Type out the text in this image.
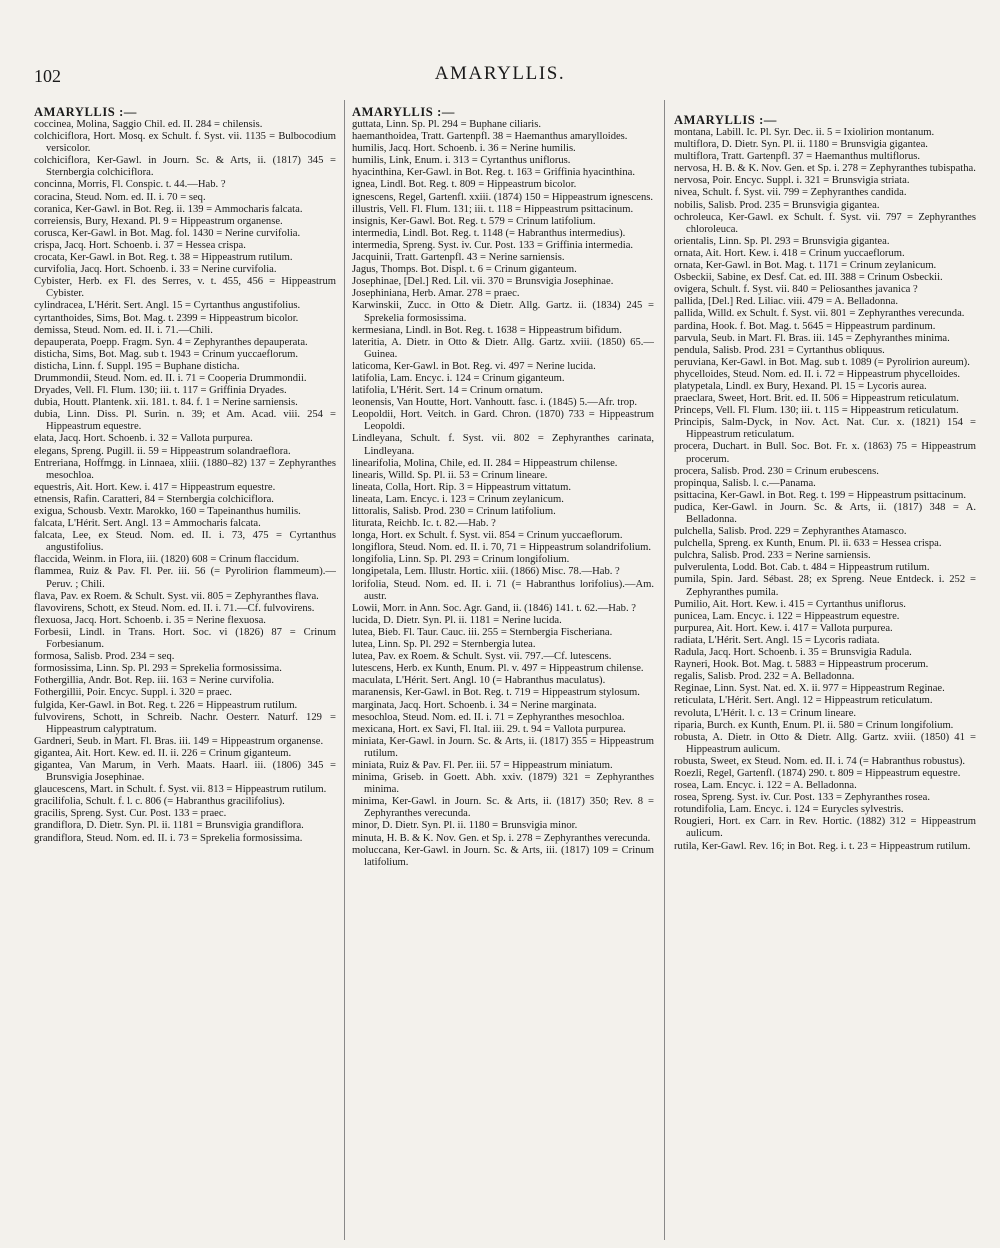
102	AMARYLLIS.
AMARYLLIS :—

coccinea, Molina, Saggio Chil. ed. II. 284 = chilensis.

colchiciflora, Hort. Mosq. ex Schult. f. Syst. vii. 1135 = Bulbocodium versicolor.

colchiciflora, Ker-Gawl. in Journ. Sc. & Arts, ii. (1817) 345 = Sternbergia colchiciflora.

concinna, Morris, Fl. Conspic. t. 44.—Hab. ?

coracina, Steud. Nom. ed. II. i. 70 = seq.

coranica, Ker-Gawl. in Bot. Reg. ii. 139 = Ammocharis falcata.

correiensis, Bury, Hexand. Pl. 9 = Hippeastrum organense.

corusca, Ker-Gawl. in Bot. Mag. fol. 1430 = Nerine curvifolia.

crispa, Jacq. Hort. Schoenb. i. 37 = Hessea crispa.

crocata, Ker-Gawl. in Bot. Reg. t. 38 = Hippeastrum rutilum.

curvifolia, Jacq. Hort. Schoenb. i. 33 = Nerine curvifolia.

Cybister, Herb. ex Fl. des Serres, v. t. 455, 456 = Hippeastrum Cybister.

cylindracea, L'Hérit. Sert. Angl. 15 = Cyrtanthus angustifolius.

cyrtanthoides, Sims, Bot. Mag. t. 2399 = Hippeastrum bicolor.

demissa, Steud. Nom. ed. II. i. 71.—Chili.

depauperata, Poepp. Fragm. Syn. 4 = Zephyranthes depauperata.

disticha, Sims, Bot. Mag. sub t. 1943 = Crinum yuccaeflorum.

disticha, Linn. f. Suppl. 195 = Buphane disticha.

Drummondii, Steud. Nom. ed. II. i. 71 = Cooperia Drummondii.

Dryades, Vell. Fl. Flum. 130; iii. t. 117 = Griffinia Dryades.

dubia, Houtt. Plantenk. xii. 181. t. 84. f. 1 = Nerine sarniensis.

dubia, Linn. Diss. Pl. Surin. n. 39; et Am. Acad. viii. 254 = Hippeastrum equestre.

elata, Jacq. Hort. Schoenb. i. 32 = Vallota purpurea.

elegans, Spreng. Pugill. ii. 59 = Hippeastrum solandraeflora.

Entreriana, Hoffmgg. in Linnaea, xliii. (1880–82) 137 = Zephyranthes mesochloa.

equestris, Ait. Hort. Kew. i. 417 = Hippeastrum equestre.

etnensis, Rafin. Caratteri, 84 = Sternbergia colchiciflora.

exigua, Schousb. Vextr. Marokko, 160 = Tapeinanthus humilis.

falcata, L'Hérit. Sert. Angl. 13 = Ammocharis falcata.

falcata, Lee, ex Steud. Nom. ed. II. i. 73, 475 = Cyrtanthus angustifolius.

flaccida, Weinm. in Flora, iii. (1820) 608 = Crinum flaccidum.

flammea, Ruiz & Pav. Fl. Per. iii. 56 (= Pyrolirion flammeum).—Peruv. ; Chili.

flava, Pav. ex Roem. & Schult. Syst. vii. 805 = Zephyranthes flava.

flavovirens, Schott, ex Steud. Nom. ed. II. i. 71.—Cf. fulvovirens.

flexuosa, Jacq. Hort. Schoenb. i. 35 = Nerine flexuosa.

Forbesii, Lindl. in Trans. Hort. Soc. vi (1826) 87 = Crinum Forbesianum.

formosa, Salisb. Prod. 234 = seq.

formosissima, Linn. Sp. Pl. 293 = Sprekelia formosissima.

Fothergillia, Andr. Bot. Rep. iii. 163 = Nerine curvifolia.

Fothergillii, Poir. Encyc. Suppl. i. 320 = praec.

fulgida, Ker-Gawl. in Bot. Reg. t. 226 = Hippeastrum rutilum.

fulvovirens, Schott, in Schreib. Nachr. Oesterr. Naturf. 129 = Hippeastrum calyptratum.

Gardneri, Seub. in Mart. Fl. Bras. iii. 149 = Hippeastrum organense.

gigantea, Ait. Hort. Kew. ed. II. ii. 226 = Crinum giganteum.

gigantea, Van Marum, in Verh. Maats. Haarl. iii. (1806) 345 = Brunsvigia Josephinae.

glaucescens, Mart. in Schult. f. Syst. vii. 813 = Hippeastrum rutilum.

gracilifolia, Schult. f. l. c. 806 (= Habranthus gracilifolius).

gracilis, Spreng. Syst. Cur. Post. 133 = praec.

grandiflora, D. Dietr. Syn. Pl. ii. 1181 = Brunsvigia grandiflora.

grandiflora, Steud. Nom. ed. II. i. 73 = Sprekelia formosissima.

AMARYLLIS :—

guttata, Linn. Sp. Pl. 294 = Buphane ciliaris.

haemanthoidea, Tratt. Gartenpfl. 38 = Haemanthus amarylloides.

humilis, Jacq. Hort. Schoenb. i. 36 = Nerine humilis.

humilis, Link, Enum. i. 313 = Cyrtanthus uniflorus.

hyacinthina, Ker-Gawl. in Bot. Reg. t. 163 = Griffinia hyacinthina.

ignea, Lindl. Bot. Reg. t. 809 = Hippeastrum bicolor.

ignescens, Regel, Gartenfl. xxiii. (1874) 150 = Hippeastrum ignescens.

illustris, Vell. Fl. Flum. 131; iii. t. 118 = Hippeastrum psittacinum.

insignis, Ker-Gawl. Bot. Reg. t. 579 = Crinum latifolium.

intermedia, Lindl. Bot. Reg. t. 1148 (= Habranthus intermedius).

intermedia, Spreng. Syst. iv. Cur. Post. 133 = Griffinia intermedia.

Jacquinii, Tratt. Gartenpfl. 43 = Nerine sarniensis.

Jagus, Thomps. Bot. Displ. t. 6 = Crinum giganteum.

Josephinae, [Del.] Red. Lil. vii. 370 = Brunsvigia Josephinae.

Josephiniana, Herb. Amar. 278 = praec.

Karwinskii, Zucc. in Otto & Dietr. Allg. Gartz. ii. (1834) 245 = Sprekelia formosissima.

kermesiana, Lindl. in Bot. Reg. t. 1638 = Hippeastrum bifidum.

lateritia, A. Dietr. in Otto & Dietr. Allg. Gartz. xviii. (1850) 65.—Guinea.

laticoma, Ker-Gawl. in Bot. Reg. vi. 497 = Nerine lucida.

latifolia, Lam. Encyc. i. 124 = Crinum giganteum.

latifolia, L'Hérit. Sert. 14 = Crinum ornatum.

leonensis, Van Houtte, Hort. Vanhoutt. fasc. i. (1845) 5.—Afr. trop.

Leopoldii, Hort. Veitch. in Gard. Chron. (1870) 733 = Hippeastrum Leopoldi.

Lindleyana, Schult. f. Syst. vii. 802 = Zephyranthes carinata, Lindleyana.

linearifolia, Molina, Chile, ed. II. 284 = Hippeastrum chilense.

linearis, Willd. Sp. Pl. ii. 53 = Crinum lineare.

lineata, Colla, Hort. Rip. 3 = Hippeastrum vittatum.

lineata, Lam. Encyc. i. 123 = Crinum zeylanicum.

littoralis, Salisb. Prod. 230 = Crinum latifolium.

liturata, Reichb. Ic. t. 82.—Hab. ?

longa, Hort. ex Schult. f. Syst. vii. 854 = Crinum yuccaeflorum.

longiflora, Steud. Nom. ed. II. i. 70, 71 = Hippeastrum solandrifolium.

longifolia, Linn. Sp. Pl. 293 = Crinum longifolium.

longipetala, Lem. Illustr. Hortic. xiii. (1866) Misc. 78.—Hab. ?

lorifolia, Steud. Nom. ed. II. i. 71 (= Habranthus lorifolius).—Am. austr.

Lowii, Morr. in Ann. Soc. Agr. Gand, ii. (1846) 141. t. 62.—Hab. ?

lucida, D. Dietr. Syn. Pl. ii. 1181 = Nerine lucida.

lutea, Bieb. Fl. Taur. Cauc. iii. 255 = Sternbergia Fischeriana.

lutea, Linn. Sp. Pl. 292 = Sternbergia lutea.

lutea, Pav. ex Roem. & Schult. Syst. vii. 797.—Cf. lutescens.

lutescens, Herb. ex Kunth, Enum. Pl. v. 497 = Hippeastrum chilense.

maculata, L'Hérit. Sert. Angl. 10 (= Habranthus maculatus).

maranensis, Ker-Gawl. in Bot. Reg. t. 719 = Hippeastrum stylosum.

marginata, Jacq. Hort. Schoenb. i. 34 = Nerine marginata.

mesochloa, Steud. Nom. ed. II. i. 71 = Zephyranthes mesochloa.

mexicana, Hort. ex Savi, Fl. Ital. iii. 29. t. 94 = Vallota purpurea.

miniata, Ker-Gawl. in Journ. Sc. & Arts, ii. (1817) 355 = Hippeastrum rutilum.

miniata, Ruiz & Pav. Fl. Per. iii. 57 = Hippeastrum miniatum.

minima, Griseb. in Goett. Abh. xxiv. (1879) 321 = Zephyranthes minima.

minima, Ker-Gawl. in Journ. Sc. & Arts, ii. (1817) 350; Rev. 8 = Zephyranthes verecunda.

minor, D. Dietr. Syn. Pl. ii. 1180 = Brunsvigia minor.

minuta, H. B. & K. Nov. Gen. et Sp. i. 278 = Zephyranthes verecunda.

moluccana, Ker-Gawl. in Journ. Sc. & Arts, iii. (1817) 109 = Crinum latifolium.

AMARYLLIS :—

montana, Labill. Ic. Pl. Syr. Dec. ii. 5 = Ixiolirion montanum.

multiflora, D. Dietr. Syn. Pl. ii. 1180 = Brunsvigia gigantea.

multiflora, Tratt. Gartenpfl. 37 = Haemanthus multiflorus.

nervosa, H. B. & K. Nov. Gen. et Sp. i. 278 = Zephyranthes tubispatha.

nervosa, Poir. Encyc. Suppl. i. 321 = Brunsvigia striata.

nivea, Schult. f. Syst. vii. 799 = Zephyranthes candida.

nobilis, Salisb. Prod. 235 = Brunsvigia gigantea.

ochroleuca, Ker-Gawl. ex Schult. f. Syst. vii. 797 = Zephyranthes chloroleuca.

orientalis, Linn. Sp. Pl. 293 = Brunsvigia gigantea.

ornata, Ait. Hort. Kew. i. 418 = Crinum yuccaeflorum.

ornata, Ker-Gawl. in Bot. Mag. t. 1171 = Crinum zeylanicum.

Osbeckii, Sabine, ex Desf. Cat. ed. III. 388 = Crinum Osbeckii.

ovigera, Schult. f. Syst. vii. 840 = Peliosanthes javanica ?

pallida, [Del.] Red. Liliac. viii. 479 = A. Belladonna.

pallida, Willd. ex Schult. f. Syst. vii. 801 = Zephyranthes verecunda.

pardina, Hook. f. Bot. Mag. t. 5645 = Hippeastrum pardinum.

parvula, Seub. in Mart. Fl. Bras. iii. 145 = Zephyranthes minima.

pendula, Salisb. Prod. 231 = Cyrtanthus obliquus.

peruviana, Ker-Gawl. in Bot. Mag. sub t. 1089 (= Pyrolirion aureum).

phycelloides, Steud. Nom. ed. II. i. 72 = Hippeastrum phycelloides.

platypetala, Lindl. ex Bury, Hexand. Pl. 15 = Lycoris aurea.

praeclara, Sweet, Hort. Brit. ed. II. 506 = Hippeastrum reticulatum.

Princeps, Vell. Fl. Flum. 130; iii. t. 115 = Hippeastrum reticulatum.

Principis, Salm-Dyck, in Nov. Act. Nat. Cur. x. (1821) 154 = Hippeastrum reticulatum.

procera, Duchart. in Bull. Soc. Bot. Fr. x. (1863) 75 = Hippeastrum procerum.

procera, Salisb. Prod. 230 = Crinum erubescens.

propinqua, Salisb. l. c.—Panama.

psittacina, Ker-Gawl. in Bot. Reg. t. 199 = Hippeastrum psittacinum.

pudica, Ker-Gawl. in Journ. Sc. & Arts, ii. (1817) 348 = A. Belladonna.

pulchella, Salisb. Prod. 229 = Zephyranthes Atamasco.

pulchella, Spreng. ex Kunth, Enum. Pl. ii. 633 = Hessea crispa.

pulchra, Salisb. Prod. 233 = Nerine sarniensis.

pulverulenta, Lodd. Bot. Cab. t. 484 = Hippeastrum rutilum.

pumila, Spin. Jard. Sébast. 28; ex Spreng. Neue Entdeck. i. 252 = Zephyranthes pumila.

Pumilio, Ait. Hort. Kew. i. 415 = Cyrtanthus uniflorus.

punicea, Lam. Encyc. i. 122 = Hippeastrum equestre.

purpurea, Ait. Hort. Kew. i. 417 = Vallota purpurea.

radiata, L'Hérit. Sert. Angl. 15 = Lycoris radiata.

Radula, Jacq. Hort. Schoenb. i. 35 = Brunsvigia Radula.

Rayneri, Hook. Bot. Mag. t. 5883 = Hippeastrum procerum.

regalis, Salisb. Prod. 232 = A. Belladonna.

Reginae, Linn. Syst. Nat. ed. X. ii. 977 = Hippeastrum Reginae.

reticulata, L'Hérit. Sert. Angl. 12 = Hippeastrum reticulatum.

revoluta, L'Hérit. l. c. 13 = Crinum lineare.

riparia, Burch. ex Kunth, Enum. Pl. ii. 580 = Crinum longifolium.

robusta, A. Dietr. in Otto & Dietr. Allg. Gartz. xviii. (1850) 41 = Hippeastrum aulicum.

robusta, Sweet, ex Steud. Nom. ed. II. i. 74 (= Habranthus robustus).

Roezli, Regel, Gartenfl. (1874) 290. t. 809 = Hippeastrum equestre.

rosea, Lam. Encyc. i. 122 = A. Belladonna.

rosea, Spreng. Syst. iv. Cur. Post. 133 = Zephyranthes rosea.

rotundifolia, Lam. Encyc. i. 124 = Eurycles sylvestris.

Rougieri, Hort. ex Carr. in Rev. Hortic. (1882) 312 = Hippeastrum aulicum.

rutila, Ker-Gawl. Rev. 16; in Bot. Reg. i. t. 23 = Hippeastrum rutilum.
